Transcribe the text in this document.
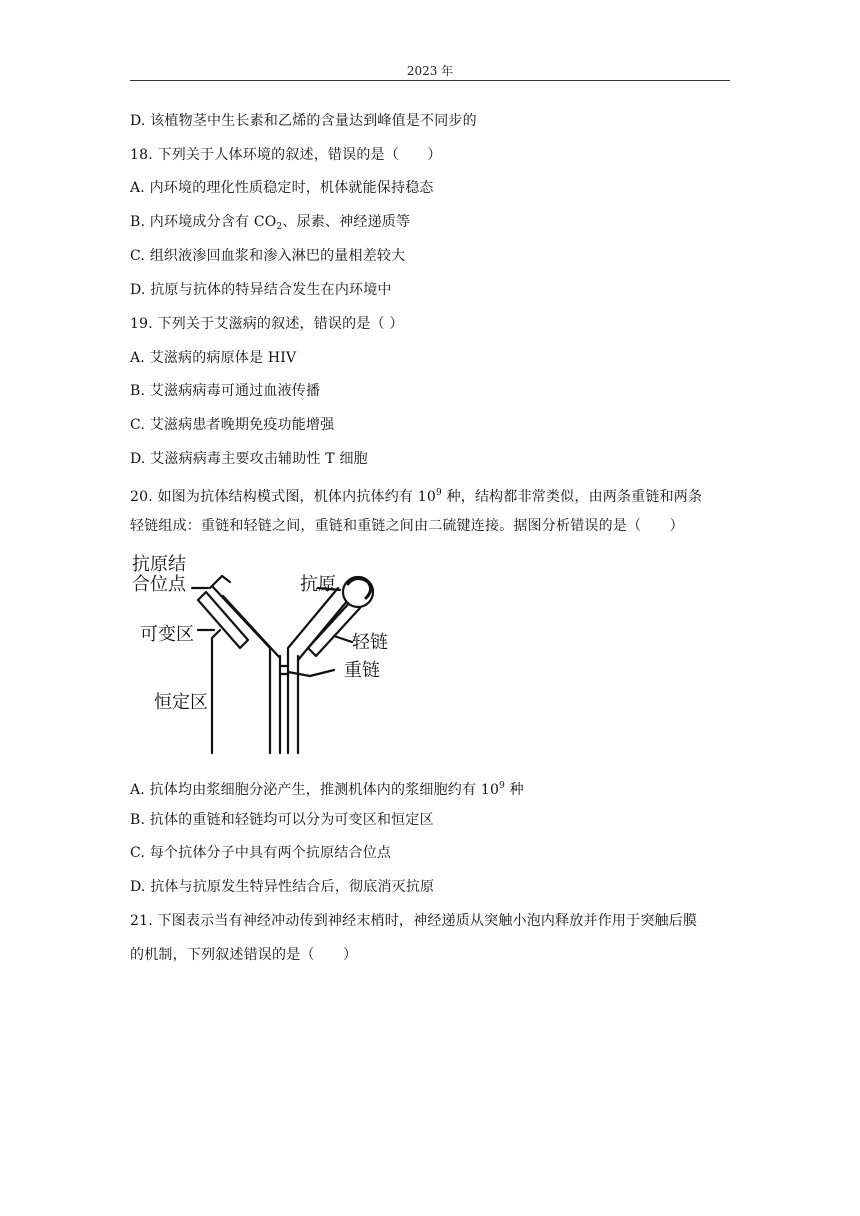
2023 年
D. 该植物茎中生长素和乙烯的含量达到峰值是不同步的
18. 下列关于人体环境的叙述，错误的是（　　）
A. 内环境的理化性质稳定时，机体就能保持稳态
B. 内环境成分含有 $CO_2$、尿素、神经递质等
C. 组织液渗回血浆和渗入淋巴的量相差较大
D. 抗原与抗体的特异结合发生在内环境中
19. 下列关于艾滋病的叙述，错误的是（ ）
A. 艾滋病的病原体是 HIV
B. 艾滋病病毒可通过血液传播
C. 艾滋病患者晚期免疫功能增强
D. 艾滋病病毒主要攻击辅助性 T 细胞
20. 如图为抗体结构模式图，机体内抗体约有 $10^9$ 种，结构都非常类似，由两条重链和两条
轻链组成：重链和轻链之间，重链和重链之间由二硫键连接。据图分析错误的是（　　）
抗原结
合位点
可变区
恒定区
抗原
轻链
重链
A. 抗体均由浆细胞分泌产生，推测机体内的浆细胞约有 $10^9$ 种
B. 抗体的重链和轻链均可以分为可变区和恒定区
C. 每个抗体分子中具有两个抗原结合位点
D. 抗体与抗原发生特异性结合后，彻底消灭抗原
21. 下图表示当有神经冲动传到神经末梢时，神经递质从突触小泡内释放并作用于突触后膜
的机制，下列叙述错误的是（　　）
